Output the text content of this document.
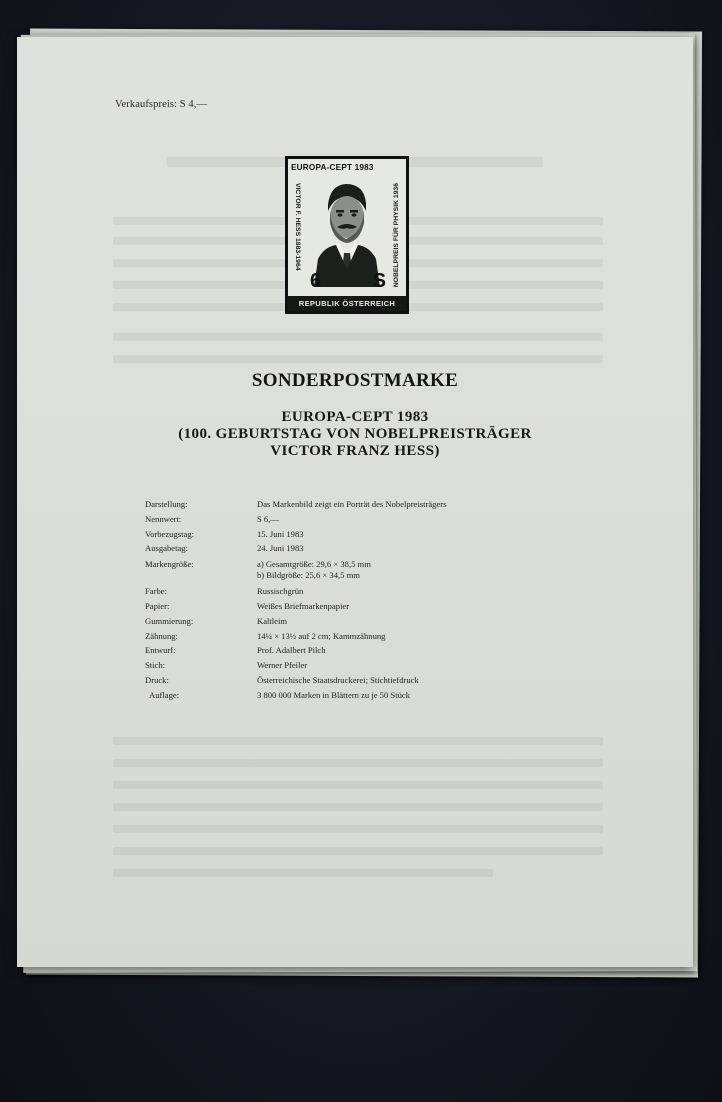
Verkaufspreis: S 4,—
EUROPA-CEPT 1983
VICTOR F. HESS 1883-1964	NOBELPREIS FÜR PHYSIK 1936
6	S
REPUBLIK ÖSTERREICH
SONDERPOSTMARKE
EUROPA-CEPT 1983
(100. GEBURTSTAG VON NOBELPREISTRÄGER
VICTOR FRANZ HESS)
Darstellung:	Das Markenbild zeigt ein Porträt des Nobelpreisträgers
Nennwert:	S 6,—
Vorbezugstag:	15. Juni 1983
Ausgabetag:	24. Juni 1983
Markengröße:	a) Gesamtgröße: 29,6 × 38,5 mm
b) Bildgröße: 25,6 × 34,5 mm
Farbe:	Russischgrün
Papier:	Weißes Briefmarkenpapier
Gummierung:	Kaltleim
Zähnung:	14¼ × 13½ auf 2 cm; Kammzähnung
Entwurf:	Prof. Adalbert Pilch
Stich:	Werner Pfeiler
Druck:	Österreichische Staatsdruckerei; Stichtiefdruck
Auflage:	3 800 000 Marken in Blättern zu je 50 Stück
